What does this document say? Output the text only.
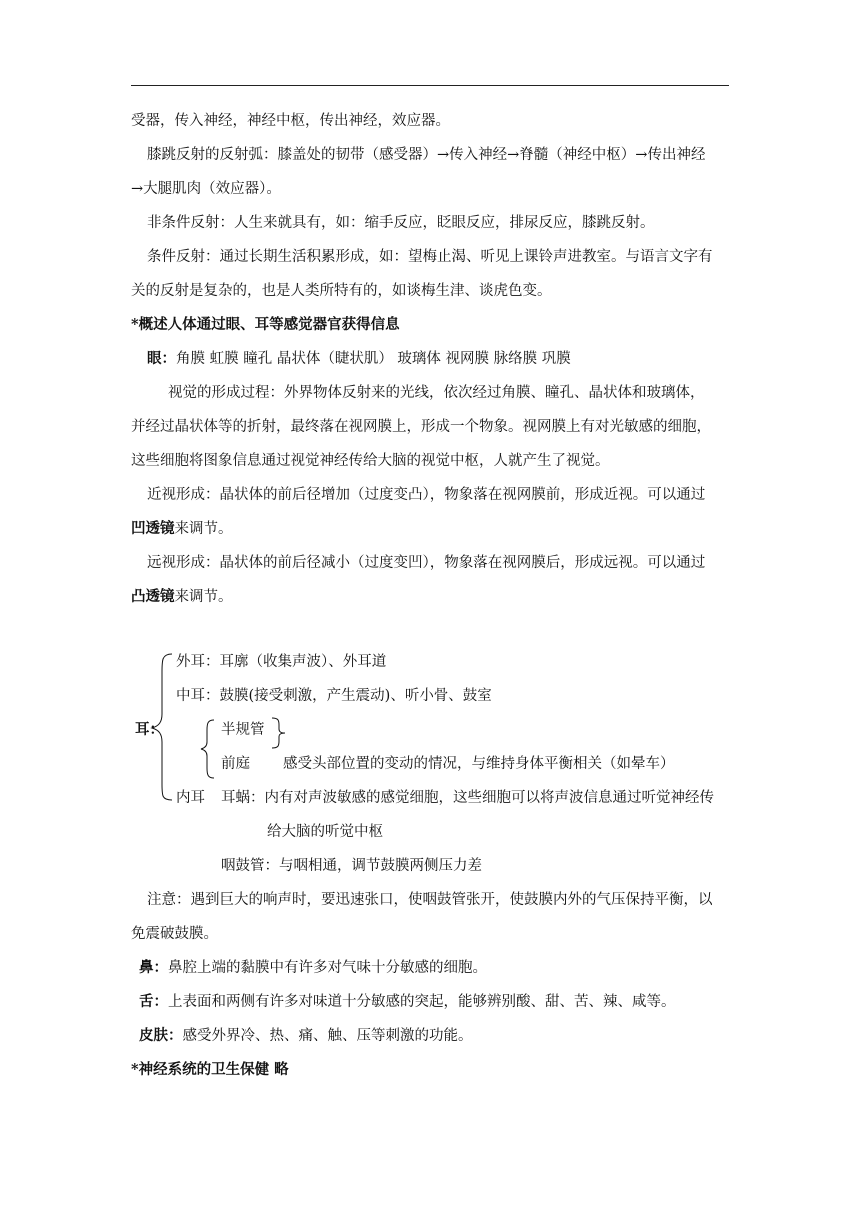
受器，传入神经，神经中枢，传出神经，效应器。
膝跳反射的反射弧：膝盖处的韧带（感受器）→传入神经→脊髓（神经中枢）→传出神经
→大腿肌肉（效应器）。
非条件反射：人生来就具有，如：缩手反应，眨眼反应，排尿反应，膝跳反射。
条件反射：通过长期生活积累形成，如：望梅止渴、听见上课铃声进教室。与语言文字有
关的反射是复杂的，也是人类所特有的，如谈梅生津、谈虎色变。
*概述人体通过眼、耳等感觉器官获得信息
眼：角膜 虹膜 瞳孔 晶状体（睫状肌） 玻璃体 视网膜 脉络膜 巩膜
视觉的形成过程：外界物体反射来的光线，依次经过角膜、瞳孔、晶状体和玻璃体，
并经过晶状体等的折射，最终落在视网膜上，形成一个物象。视网膜上有对光敏感的细胞，
这些细胞将图象信息通过视觉神经传给大脑的视觉中枢，人就产生了视觉。
近视形成：晶状体的前后径增加（过度变凸），物象落在视网膜前，形成近视。可以通过
凹透镜来调节。
远视形成：晶状体的前后径减小（过度变凹），物象落在视网膜后，形成远视。可以通过
凸透镜来调节。
耳：
外耳：耳廓（收集声波）、外耳道
中耳：鼓膜(接受刺激，产生震动)、听小骨、鼓室
半规管
前庭 感受头部位置的变动的情况，与维持身体平衡相关（如晕车）
内耳 耳蜗：内有对声波敏感的感觉细胞，这些细胞可以将声波信息通过听觉神经传
给大脑的听觉中枢
咽鼓管：与咽相通，调节鼓膜两侧压力差
注意：遇到巨大的响声时，要迅速张口，使咽鼓管张开，使鼓膜内外的气压保持平衡，以
免震破鼓膜。
鼻：鼻腔上端的黏膜中有许多对气味十分敏感的细胞。
舌：上表面和两侧有许多对味道十分敏感的突起，能够辨别酸、甜、苦、辣、咸等。
皮肤：感受外界冷、热、痛、触、压等刺激的功能。
*神经系统的卫生保健 略
